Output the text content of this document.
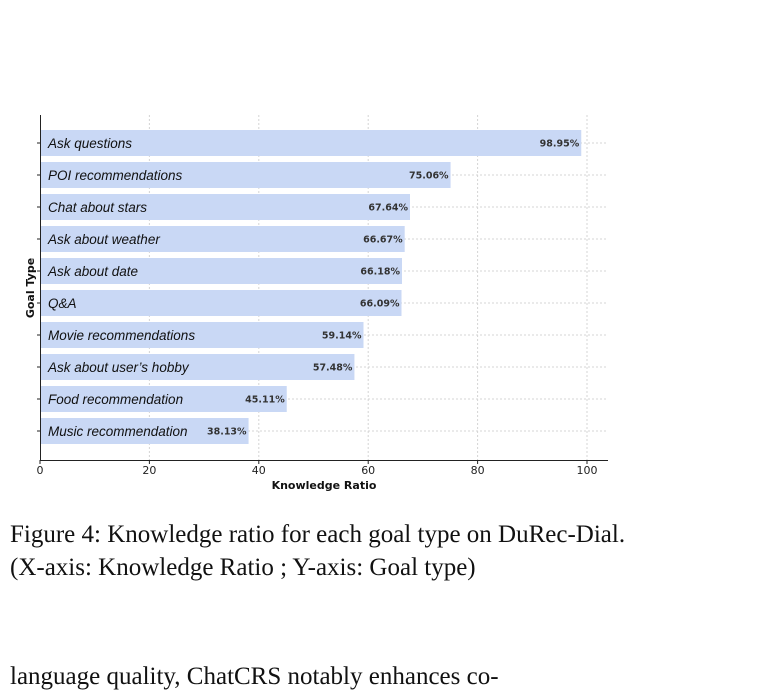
Ask questions	98.95%
POI recommendations	75.06%
Chat about stars	67.64%
Ask about weather	66.67%
Ask about date	66.18%
Q&A	66.09%
Movie recommendations	59.14%
Ask about user’s hobby	57.48%
Food recommendation	45.11%
Music recommendation 38.13%
0	20	40	60	80	100
Knowledge Ratio
Goal Type
Figure 4: Knowledge ratio for each goal type on DuRec-Dial. (X-axis: Knowledge Ratio ; Y-axis: Goal type)
language quality, ChatCRS notably enhances co-
